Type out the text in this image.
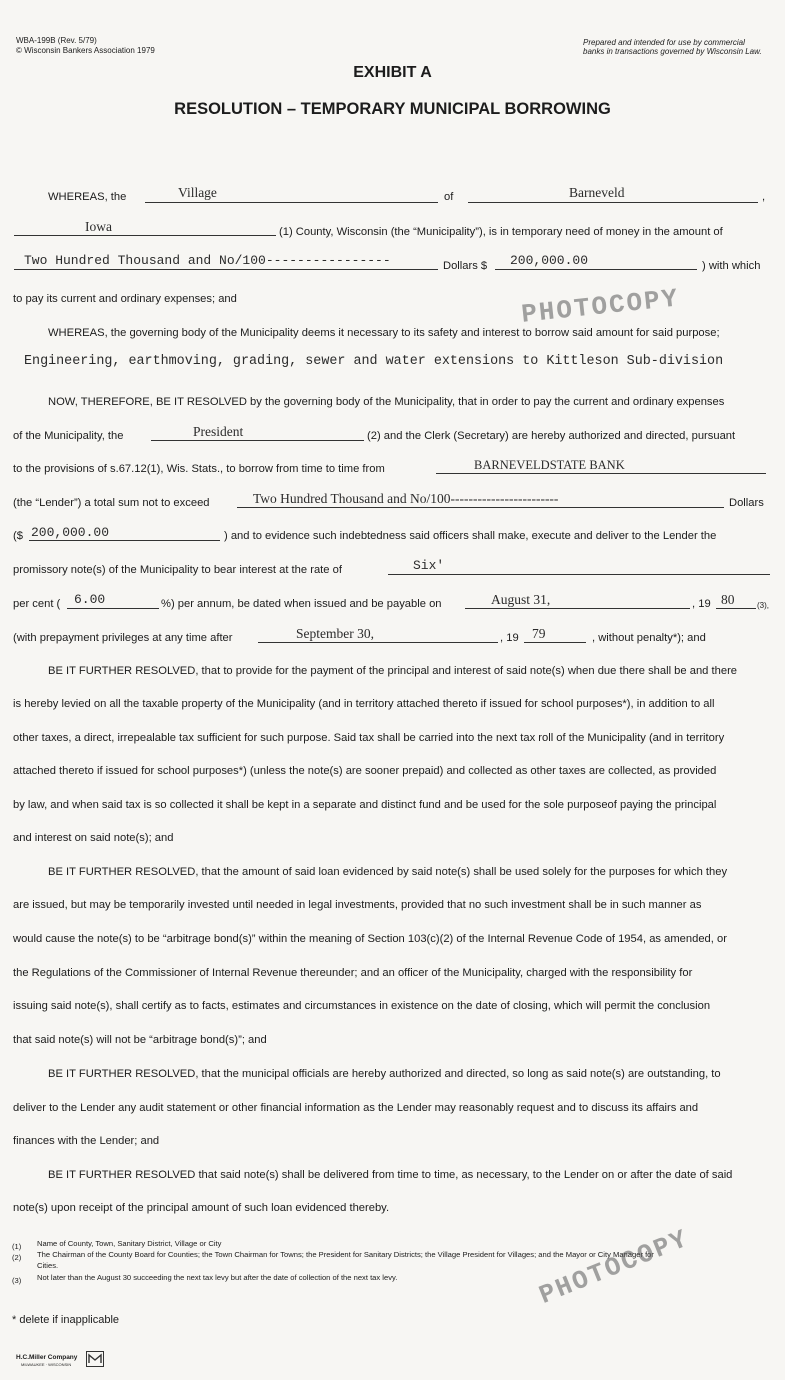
WBA-199B (Rev. 5/79)
© Wisconsin Bankers Association 1979
Prepared and intended for use by commercial
banks in transactions governed by Wisconsin Law.
EXHIBIT A
RESOLUTION – TEMPORARY MUNICIPAL BORROWING
WHEREAS, the	Village	of	Barneveld	,
Iowa	(1) County, Wisconsin (the “Municipality”), is in temporary need of money in the amount of
Two Hundred Thousand and No/100----------------	Dollars $ 200,000.00	) with which
to pay its current and ordinary expenses; and
WHEREAS, the governing body of the Municipality deems it necessary to its safety and interest to borrow said amount for said purpose;
Engineering, earthmoving, grading, sewer and water extensions to Kittleson Sub-division
NOW, THEREFORE, BE IT RESOLVED by the governing body of the Municipality, that in order to pay the current and ordinary expenses
of the Municipality, the	President	(2) and the Clerk (Secretary) are hereby authorized and directed, pursuant
to the provisions of s.67.12(1), Wis. Stats., to borrow from time to time from	BARNEVELDSTATE BANK
(the “Lender”) a total sum not to exceed	Two Hundred Thousand and No/100------------------------	Dollars
($ 200,000.00	) and to evidence such indebtedness said officers shall make, execute and deliver to the Lender the
promissory note(s) of the Municipality to bear interest at the rate of	Six'
per cent ( 6.00	%) per annum, be dated when issued and be payable on	August 31,	, 19 80	(3),
(with prepayment privileges at any time after	September 30,	, 19 79	, without penalty*); and
BE IT FURTHER RESOLVED, that to provide for the payment of the principal and interest of said note(s) when due there shall be and there
is hereby levied on all the taxable property of the Municipality (and in territory attached thereto if issued for school purposes*), in addition to all
other taxes, a direct, irrepealable tax sufficient for such purpose. Said tax shall be carried into the next tax roll of the Municipality (and in territory
attached thereto if issued for school purposes*) (unless the note(s) are sooner prepaid) and collected as other taxes are collected, as provided
by law, and when said tax is so collected it shall be kept in a separate and distinct fund and be used for the sole purposeof paying the principal
and interest on said note(s); and
BE IT FURTHER RESOLVED, that the amount of said loan evidenced by said note(s) shall be used solely for the purposes for which they
are issued, but may be temporarily invested until needed in legal investments, provided that no such investment shall be in such manner as
would cause the note(s) to be “arbitrage bond(s)” within the meaning of Section 103(c)(2) of the Internal Revenue Code of 1954, as amended, or
the Regulations of the Commissioner of Internal Revenue thereunder; and an officer of the Municipality, charged with the responsibility for
issuing said note(s), shall certify as to facts, estimates and circumstances in existence on the date of closing, which will permit the conclusion
that said note(s) will not be “arbitrage bond(s)”; and
BE IT FURTHER RESOLVED, that the municipal officials are hereby authorized and directed, so long as said note(s) are outstanding, to
deliver to the Lender any audit statement or other financial information as the Lender may reasonably request and to discuss its affairs and
finances with the Lender; and
BE IT FURTHER RESOLVED that said note(s) shall be delivered from time to time, as necessary, to the Lender on or after the date of said
note(s) upon receipt of the principal amount of such loan evidenced thereby.
(1) Name of County, Town, Sanitary District, Village or City
(2) The Chairman of the County Board for Counties; the Town Chairman for Towns; the President for Sanitary Districts; the Village President for Villages; and the Mayor or City Manager for
Cities.
(3) Not later than the August 30 succeeding the next tax levy but after the date of collection of the next tax levy.
* delete if inapplicable
H.C.Miller Company
MILWAUKEE · WISCONSIN
PHOTOCOPY
PHOTOCOPY
